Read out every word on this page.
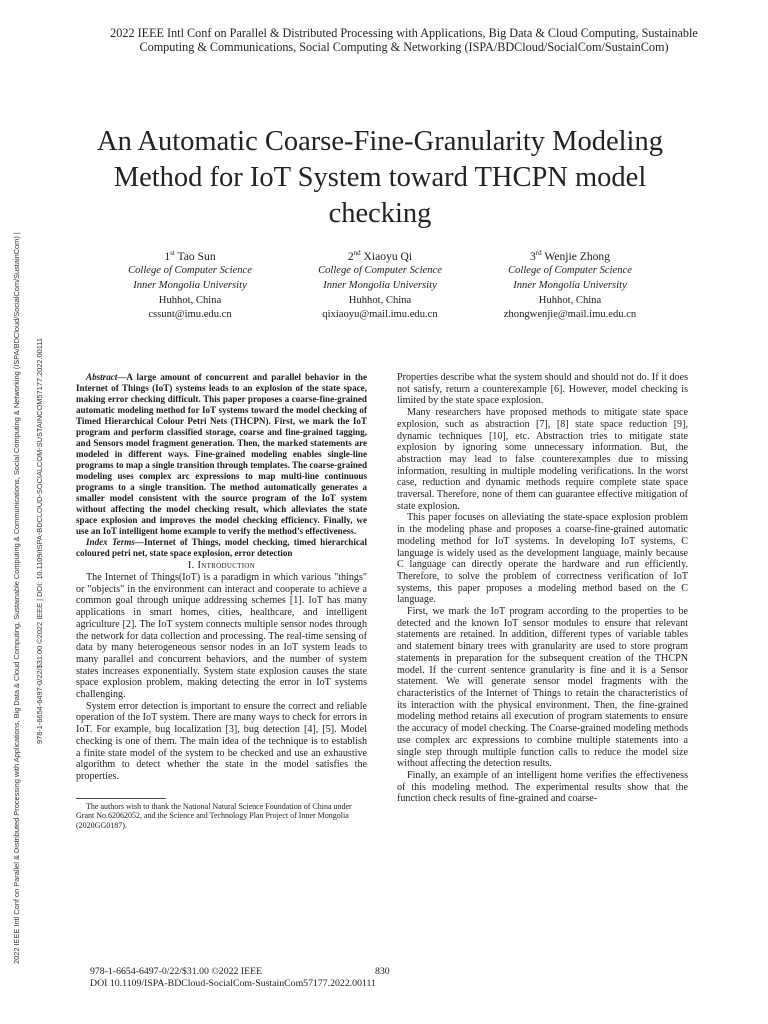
2022 IEEE Intl Conf on Parallel & Distributed Processing with Applications, Big Data & Cloud Computing, Sustainable Computing & Communications, Social Computing & Networking (ISPA/BDCloud/SocialCom/SustainCom) | 978-1-6654-6497-0/22/$31.00 ©2022 IEEE | DOI: 10.1109/ISPA-BDCLOUD-SOCIALCOM-SUSTAINCOM57177.2022.00111
2022 IEEE Intl Conf on Parallel & Distributed Processing with Applications, Big Data & Cloud Computing, Sustainable
Computing & Communications, Social Computing & Networking (ISPA/BDCloud/SocialCom/SustainCom)
An Automatic Coarse-Fine-Granularity Modeling Method for IoT System toward THCPN model checking
1st Tao Sun
College of Computer Science
Inner Mongolia University
Huhhot, China
cssunt@imu.edu.cn
2nd Xiaoyu Qi
College of Computer Science
Inner Mongolia University
Huhhot, China
qixiaoyu@mail.imu.edu.cn
3rd Wenjie Zhong
College of Computer Science
Inner Mongolia University
Huhhot, China
zhongwenjie@mail.imu.edu.cn

Abstract—A large amount of concurrent and parallel behavior in the Internet of Things (IoT) systems leads to an explosion of the state space, making error checking difficult. This paper proposes a coarse-fine-grained automatic modeling method for IoT systems toward the model checking of Timed Hierarchical Colour Petri Nets (THCPN). First, we mark the IoT program and perform classified storage, coarse and fine-grained tagging, and Sensors model fragment generation. Then, the marked statements are modeled in different ways. Fine-grained modeling enables single-line programs to map a single transition through templates. The coarse-grained modeling uses complex arc expressions to map multi-line continuous programs to a single transition. The method automatically generates a smaller model consistent with the source program of the IoT system without affecting the model checking result, which alleviates the state space explosion and improves the model checking efficiency. Finally, we use an IoT intelligent home example to verify the method’s effectiveness.

Index Terms—Internet of Things, model checking, timed hierarchical coloured petri net, state space explosion, error detection

I. Introduction

The Internet of Things(IoT) is a paradigm in which various "things" or "objects" in the environment can interact and cooperate to achieve a common goal through unique addressing schemes [1]. IoT has many applications in smart homes, cities, healthcare, and intelligent agriculture [2]. The IoT system connects multiple sensor nodes through the network for data collection and processing. The real-time sensing of data by many heterogeneous sensor nodes in an IoT system leads to many parallel and concurrent behaviors, and the number of system states increases exponentially. System state explosion causes the state space explosion problem, making detecting the error in IoT systems challenging.

System error detection is important to ensure the correct and reliable operation of the IoT system. There are many ways to check for errors in IoT. For example, bug localization [3], bug detection [4], [5]. Model checking is one of them. The main idea of the technique is to establish a finite state model of the system to be checked and use an exhaustive algorithm to detect whether the state in the model satisfies the properties.

The authors wish to thank the National Natural Science Foundation of China under Grant No.62062052, and the Science and Technology Plan Project of Inner Mongolia (2020GG0187).

Properties describe what the system should and should not do. If it does not satisfy, return a counterexample [6]. However, model checking is limited by the state space explosion.

Many researchers have proposed methods to mitigate state space explosion, such as abstraction [7], [8] state space reduction [9], dynamic techniques [10], etc. Abstraction tries to mitigate state explosion by ignoring some unnecessary information. But, the abstraction may lead to false counterexamples due to missing information, resulting in multiple modeling verifications. In the worst case, reduction and dynamic methods require complete state space traversal. Therefore, none of them can guarantee effective mitigation of state explosion.

This paper focuses on alleviating the state-space explosion problem in the modeling phase and proposes a coarse-fine-grained automatic modeling method for IoT systems. In developing IoT systems, C language is widely used as the development language, mainly because C language can directly operate the hardware and run efficiently. Therefore, to solve the problem of correctness verification of IoT systems, this paper proposes a modeling method based on the C language.

First, we mark the IoT program according to the properties to be detected and the known IoT sensor modules to ensure that relevant statements are retained. In addition, different types of variable tables and statement binary trees with granularity are used to store program statements in preparation for the subsequent creation of the THCPN model. If the current sentence granularity is fine and it is a Sensor statement. We will generate sensor model fragments with the characteristics of the Internet of Things to retain the characteristics of its interaction with the physical environment. Then, the fine-grained modeling method retains all execution of program statements to ensure the accuracy of model checking. The Coarse-grained modeling methods use complex arc expressions to combine multiple statements into a single step through multiple function calls to reduce the model size without affecting the detection results.

Finally, an example of an intelligent home verifies the effectiveness of this modeling method. The experimental results show that the function check results of fine-grained and coarse-

978-1-6654-6497-0/22/$31.00 ©2022 IEEE
DOI 10.1109/ISPA-BDCloud-SocialCom-SustainCom57177.2022.00111
830
